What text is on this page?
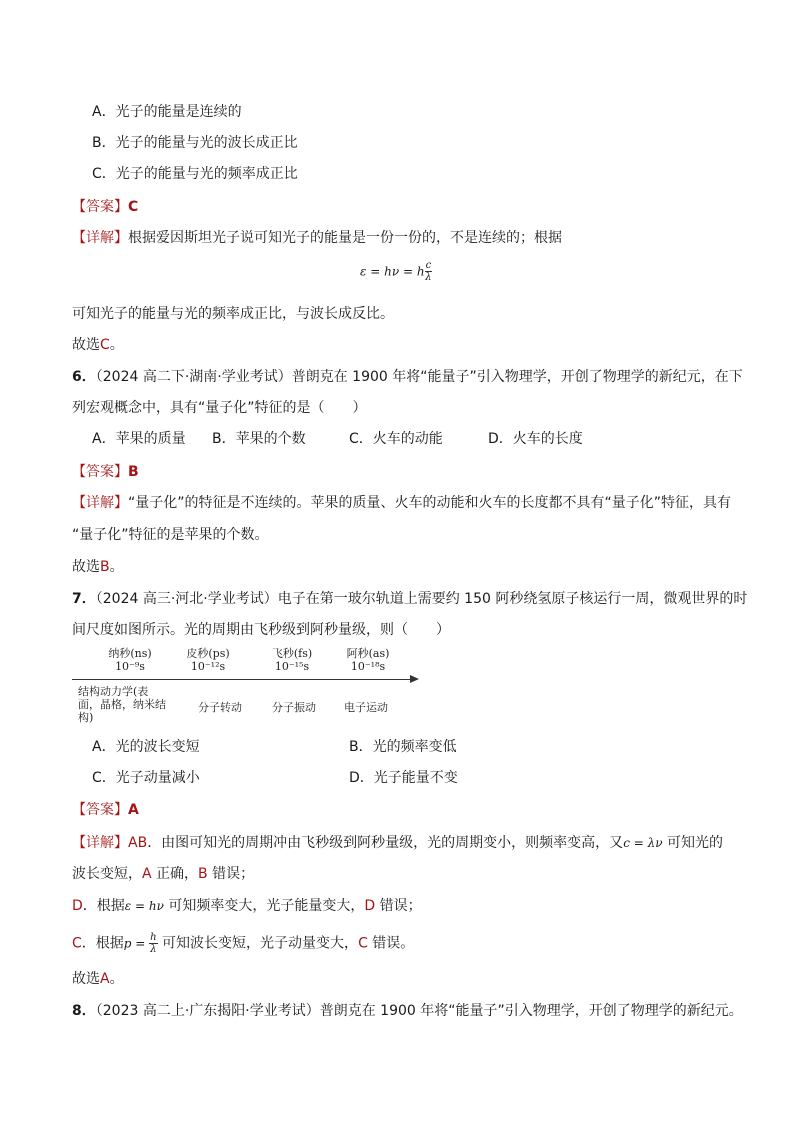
A．光子的能量是连续的
B．光子的能量与光的波长成正比
C．光子的能量与光的频率成正比
【答案】C
【详解】根据爱因斯坦光子说可知光子的能量是一份一份的，不是连续的；根据
ε = hν = h $\frac{c}{\lambda}$
可知光子的能量与光的频率成正比，与波长成反比。
故选C。
6．（2024 高二下·湖南·学业考试）普朗克在 1900 年将“能量子”引入物理学，开创了物理学的新纪元，在下
列宏观概念中，具有“量子化”特征的是（　　）
A．苹果的质量 B．苹果的个数	C．火车的动能	D．火车的长度
【答案】B
【详解】“量子化”的特征是不连续的。苹果的质量、火车的动能和火车的长度都不具有“量子化”特征，具有
“量子化”特征的是苹果的个数。
故选B。
7．（2024 高三·河北·学业考试）电子在第一玻尔轨道上需要约 150 阿秒绕氢原子核运行一周，微观世界的时
间尺度如图所示。光的周期由飞秒级到阿秒量级，则（　　）
纳秒(ns)
10⁻⁹s
皮秒(ps)
10⁻¹²s
飞秒(fs)
10⁻¹⁵s
阿秒(as)
10⁻¹⁸s
结构动力学(表面，晶格，纳米结构)
分子转动	分子振动	电子运动
A．光的波长变短	B．光的频率变低
C．光子动量减小	D．光子能量不变
【答案】A
【详解】AB．由图可知光的周期冲由飞秒级到阿秒量级，光的周期变小，则频率变高，又c = λν 可知光的
波长变短，A 正确，B 错误；
D．根据ε = hν 可知频率变大，光子能量变大，D 错误；
C．根据$p = \frac{h}{\lambda}$ 可知波长变短，光子动量变大，C 错误。
故选A。
8．（2023 高二上·广东揭阳·学业考试）普朗克在 1900 年将“能量子”引入物理学，开创了物理学的新纪元。
